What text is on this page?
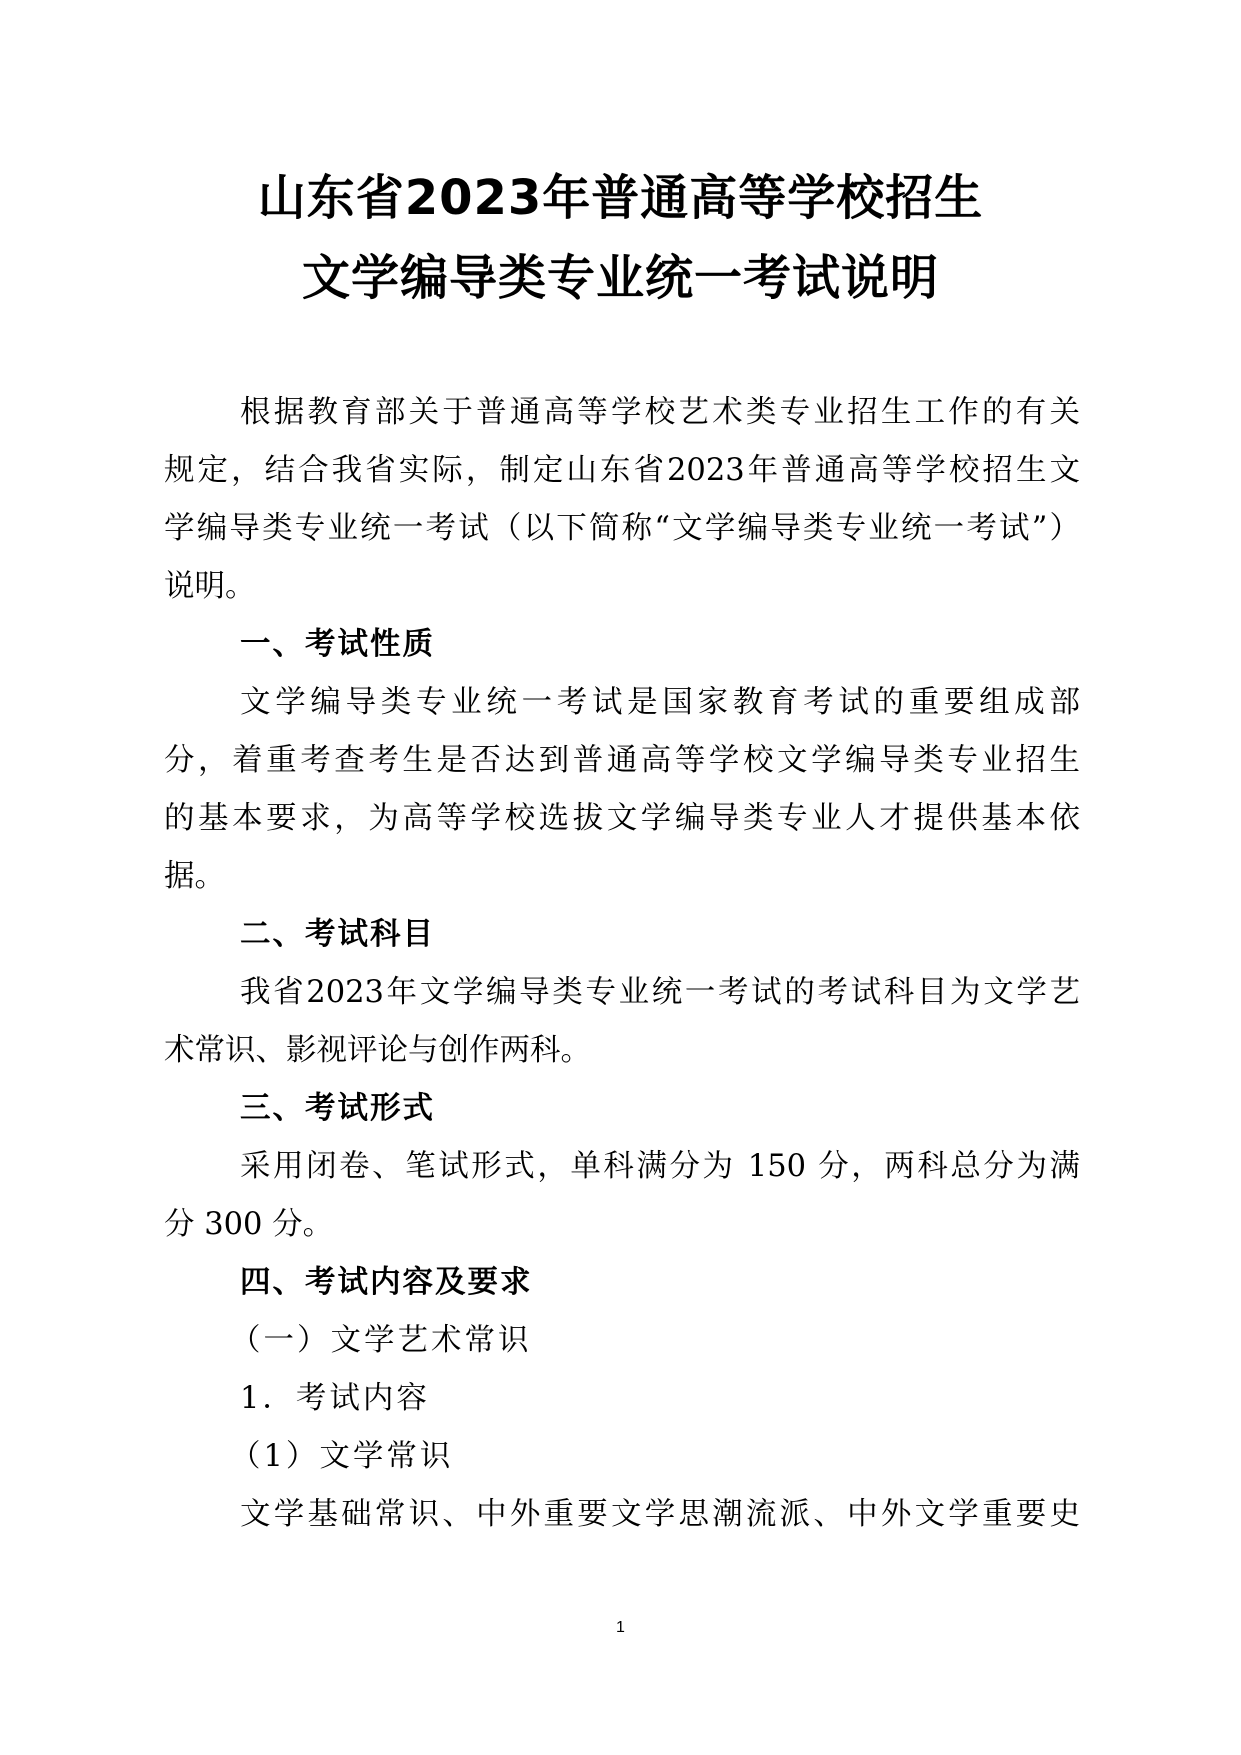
山东省2023年普通高等学校招生
文学编导类专业统一考试说明
根据教育部关于普通高等学校艺术类专业招生工作的有关
规定，结合我省实际，制定山东省2023年普通高等学校招生文
学编导类专业统一考试（以下简称“文学编导类专业统一考试”）
说明。
一、考试性质
文学编导类专业统一考试是国家教育考试的重要组成部
分，着重考查考生是否达到普通高等学校文学编导类专业招生
的基本要求，为高等学校选拔文学编导类专业人才提供基本依
据。
二、考试科目
我省2023年文学编导类专业统一考试的考试科目为文学艺
术常识、影视评论与创作两科。
三、考试形式
采用闭卷、笔试形式，单科满分为 150 分，两科总分为满
分 300 分。
四、考试内容及要求
（一）文学艺术常识
1．考试内容
（1）文学常识
文学基础常识、中外重要文学思潮流派、中外文学重要史
1
